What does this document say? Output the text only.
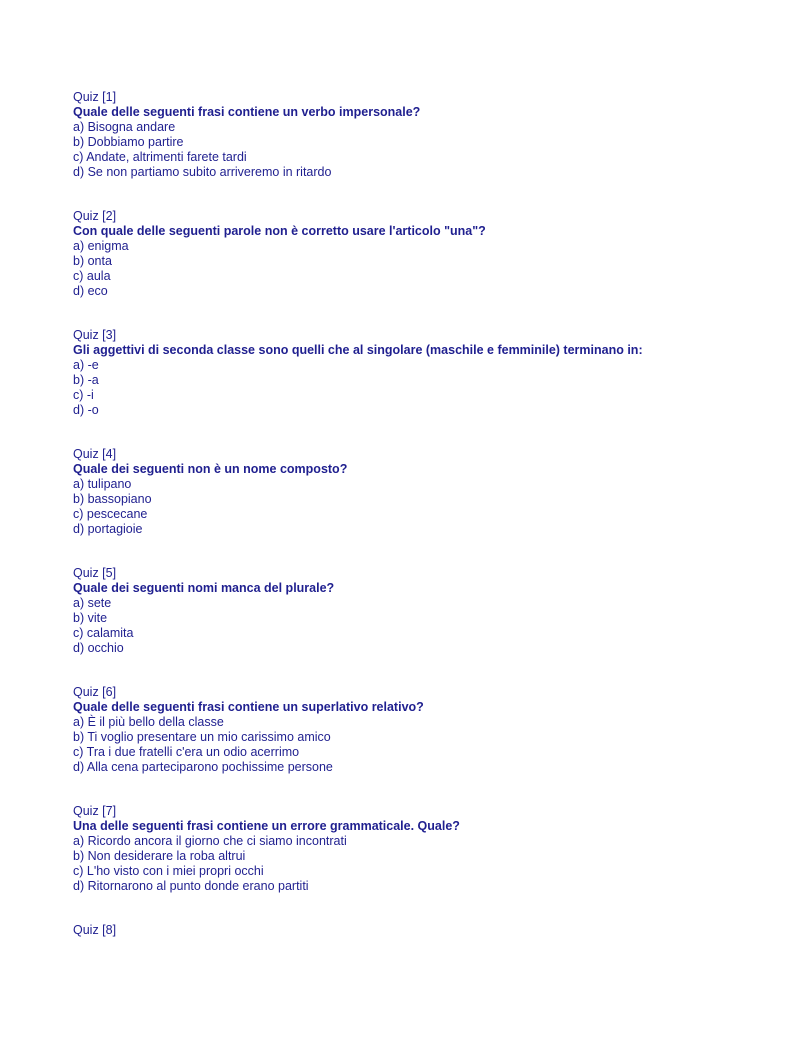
Quiz [1]
Quale delle seguenti frasi contiene un verbo impersonale?
a) Bisogna andare
b) Dobbiamo partire
c) Andate, altrimenti farete tardi
d) Se non partiamo subito arriveremo in ritardo
Quiz [2]
Con quale delle seguenti parole non è corretto usare l'articolo "una"?
a) enigma
b) onta
c) aula
d) eco
Quiz [3]
Gli aggettivi di seconda classe sono quelli che al singolare (maschile e femminile) terminano in:
a) -e
b) -a
c) -i
d) -o
Quiz [4]
Quale dei seguenti non è un nome composto?
a) tulipano
b) bassopiano
c) pescecane
d) portagioie
Quiz [5]
Quale dei seguenti nomi manca del plurale?
a) sete
b) vite
c) calamita
d) occhio
Quiz [6]
Quale delle seguenti frasi contiene un superlativo relativo?
a) È il più bello della classe
b) Ti voglio presentare un mio carissimo amico
c) Tra i due fratelli c'era un odio acerrimo
d) Alla cena parteciparono pochissime persone
Quiz [7]
Una delle seguenti frasi contiene un errore grammaticale. Quale?
a) Ricordo ancora il giorno che ci siamo incontrati
b) Non desiderare la roba altrui
c) L'ho visto con i miei propri occhi
d) Ritornarono al punto donde erano partiti
Quiz [8]
